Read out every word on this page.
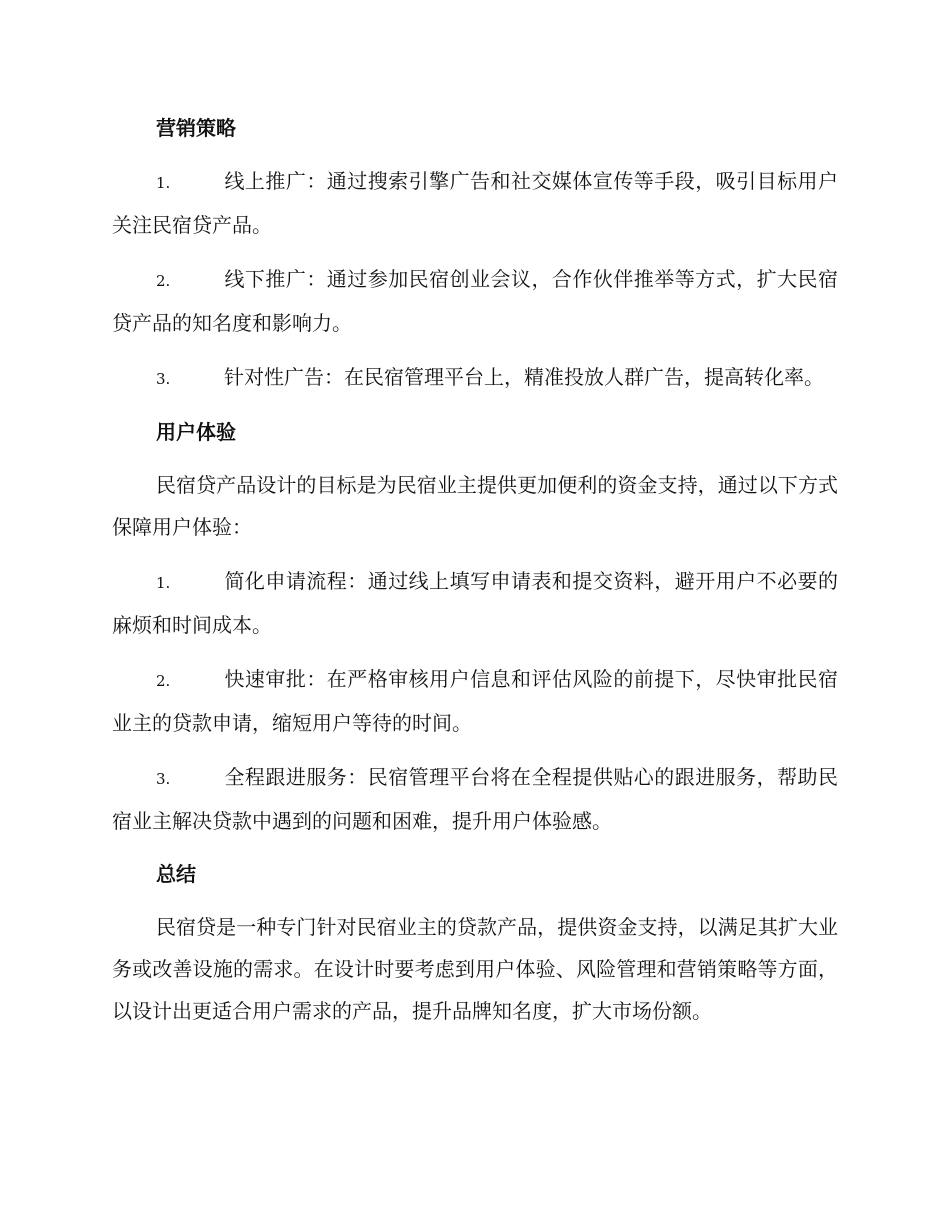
营销策略
1.	线上推广：通过搜索引擎广告和社交媒体宣传等手段，吸引目标用户关注民宿贷产品。
2.	线下推广：通过参加民宿创业会议，合作伙伴推举等方式，扩大民宿贷产品的知名度和影响力。
3.	针对性广告：在民宿管理平台上，精准投放人群广告，提高转化率。
用户体验
民宿贷产品设计的目标是为民宿业主提供更加便利的资金支持，通过以下方式保障用户体验：
1.	简化申请流程：通过线上填写申请表和提交资料，避开用户不必要的麻烦和时间成本。
2.	快速审批：在严格审核用户信息和评估风险的前提下，尽快审批民宿业主的贷款申请，缩短用户等待的时间。
3.	全程跟进服务：民宿管理平台将在全程提供贴心的跟进服务，帮助民宿业主解决贷款中遇到的问题和困难，提升用户体验感。
总结
民宿贷是一种专门针对民宿业主的贷款产品，提供资金支持，以满足其扩大业务或改善设施的需求。在设计时要考虑到用户体验、风险管理和营销策略等方面，以设计出更适合用户需求的产品，提升品牌知名度，扩大市场份额。
